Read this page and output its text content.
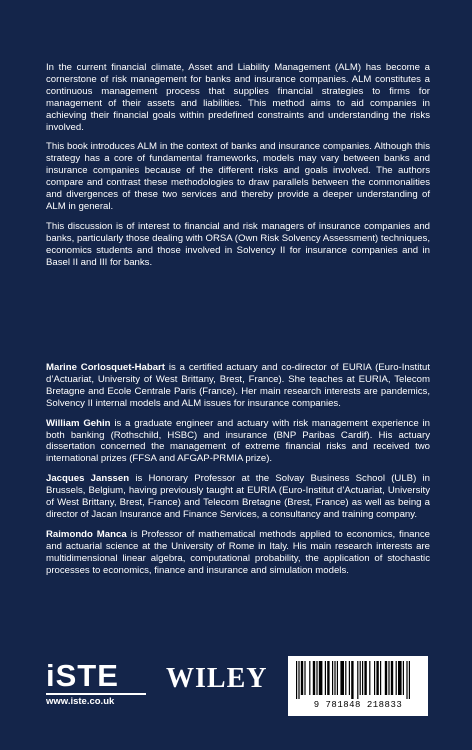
In the current financial climate, Asset and Liability Management (ALM) has become a cornerstone of risk management for banks and insurance companies. ALM constitutes a continuous management process that supplies financial strategies to firms for management of their assets and liabilities. This method aims to aid companies in achieving their financial goals within predefined constraints and understanding the risks involved.

This book introduces ALM in the context of banks and insurance companies. Although this strategy has a core of fundamental frameworks, models may vary between banks and insurance companies because of the different risks and goals involved. The authors compare and contrast these methodologies to draw parallels between the commonalities and divergences of these two services and thereby provide a deeper understanding of ALM in general.

This discussion is of interest to financial and risk managers of insurance companies and banks, particularly those dealing with ORSA (Own Risk Solvency Assessment) techniques, economics students and those involved in Solvency II for insurance companies and in Basel II and III for banks.

Marine Corlosquet-Habart is a certified actuary and co-director of EURIA (Euro-Institut d’Actuariat, University of West Brittany, Brest, France). She teaches at EURIA, Telecom Bretagne and Ecole Centrale Paris (France). Her main research interests are pandemics, Solvency II internal models and ALM issues for insurance companies.

William Gehin is a graduate engineer and actuary with risk management experience in both banking (Rothschild, HSBC) and insurance (BNP Paribas Cardif). His actuary dissertation concerned the management of extreme financial risks and received two international prizes (FFSA and AFGAP-PRMIA prize).

Jacques Janssen is Honorary Professor at the Solvay Business School (ULB) in Brussels, Belgium, having previously taught at EURIA (Euro-Institut d’Actuariat, University of West Brittany, Brest, France) and Telecom Bretagne (Brest, France) as well as being a director of Jacan Insurance and Finance Services, a consultancy and training company.

Raimondo Manca is Professor of mathematical methods applied to economics, finance and actuarial science at the University of Rome in Italy. His main research interests are multidimensional linear algebra, computational probability, the application of stochastic processes to economics, finance and insurance and simulation models.

iSTE
www.iste.co.uk
WILEY
9 781848 218833
